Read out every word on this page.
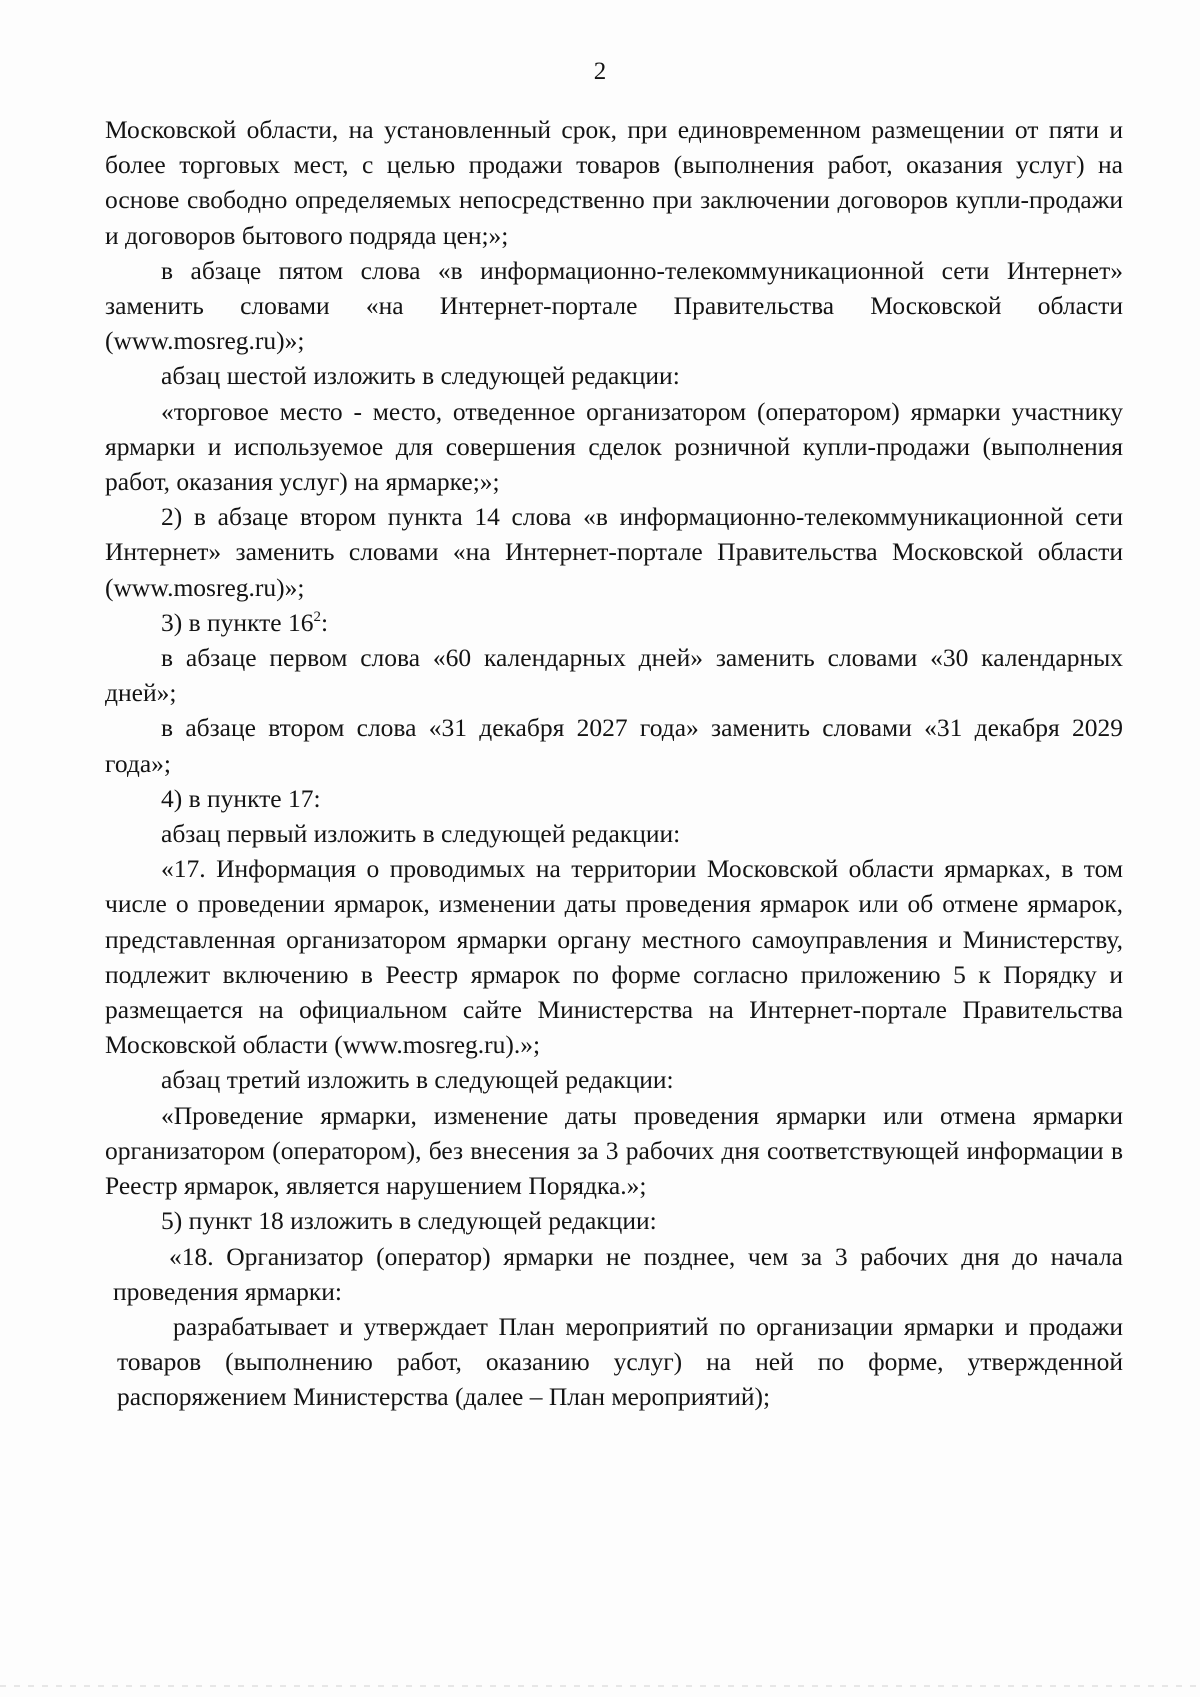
2

Московской области, на установленный срок, при единовременном размещении от пяти и более торговых мест, с целью продажи товаров (выполнения работ, оказания услуг) на основе свободно определяемых непосредственно при заключении договоров купли-продажи и договоров бытового подряда цен;»;

в абзаце пятом слова «в информационно-телекоммуникационной сети Интернет» заменить словами «на Интернет-портале Правительства Московской области (www.mosreg.ru)»;

абзац шестой изложить в следующей редакции:

«торговое место - место, отведенное организатором (оператором) ярмарки участнику ярмарки и используемое для совершения сделок розничной купли-продажи (выполнения работ, оказания услуг) на ярмарке;»;

2) в абзаце втором пункта 14 слова «в информационно-телекоммуникационной сети Интернет» заменить словами «на Интернет-портале Правительства Московской области (www.mosreg.ru)»;

3) в пункте $16^2$:

в абзаце первом слова «60 календарных дней» заменить словами «30 календарных дней»;

в абзаце втором слова «31 декабря 2027 года» заменить словами «31 декабря 2029 года»;

4) в пункте 17:

абзац первый изложить в следующей редакции:

«17. Информация о проводимых на территории Московской области ярмарках, в том числе о проведении ярмарок, изменении даты проведения ярмарок или об отмене ярмарок, представленная организатором ярмарки органу местного самоуправления и Министерству, подлежит включению в Реестр ярмарок по форме согласно приложению 5 к Порядку и размещается на официальном сайте Министерства на Интернет-портале Правительства Московской области (www.mosreg.ru).»;

абзац третий изложить в следующей редакции:

«Проведение ярмарки, изменение даты проведения ярмарки или отмена ярмарки организатором (оператором), без внесения за 3 рабочих дня соответствующей информации в Реестр ярмарок, является нарушением Порядка.»;

5) пункт 18 изложить в следующей редакции:

«18. Организатор (оператор) ярмарки не позднее, чем за 3 рабочих дня до начала проведения ярмарки:

разрабатывает и утверждает План мероприятий по организации ярмарки и продажи товаров (выполнению работ, оказанию услуг) на ней по форме, утвержденной распоряжением Министерства (далее – План мероприятий);
